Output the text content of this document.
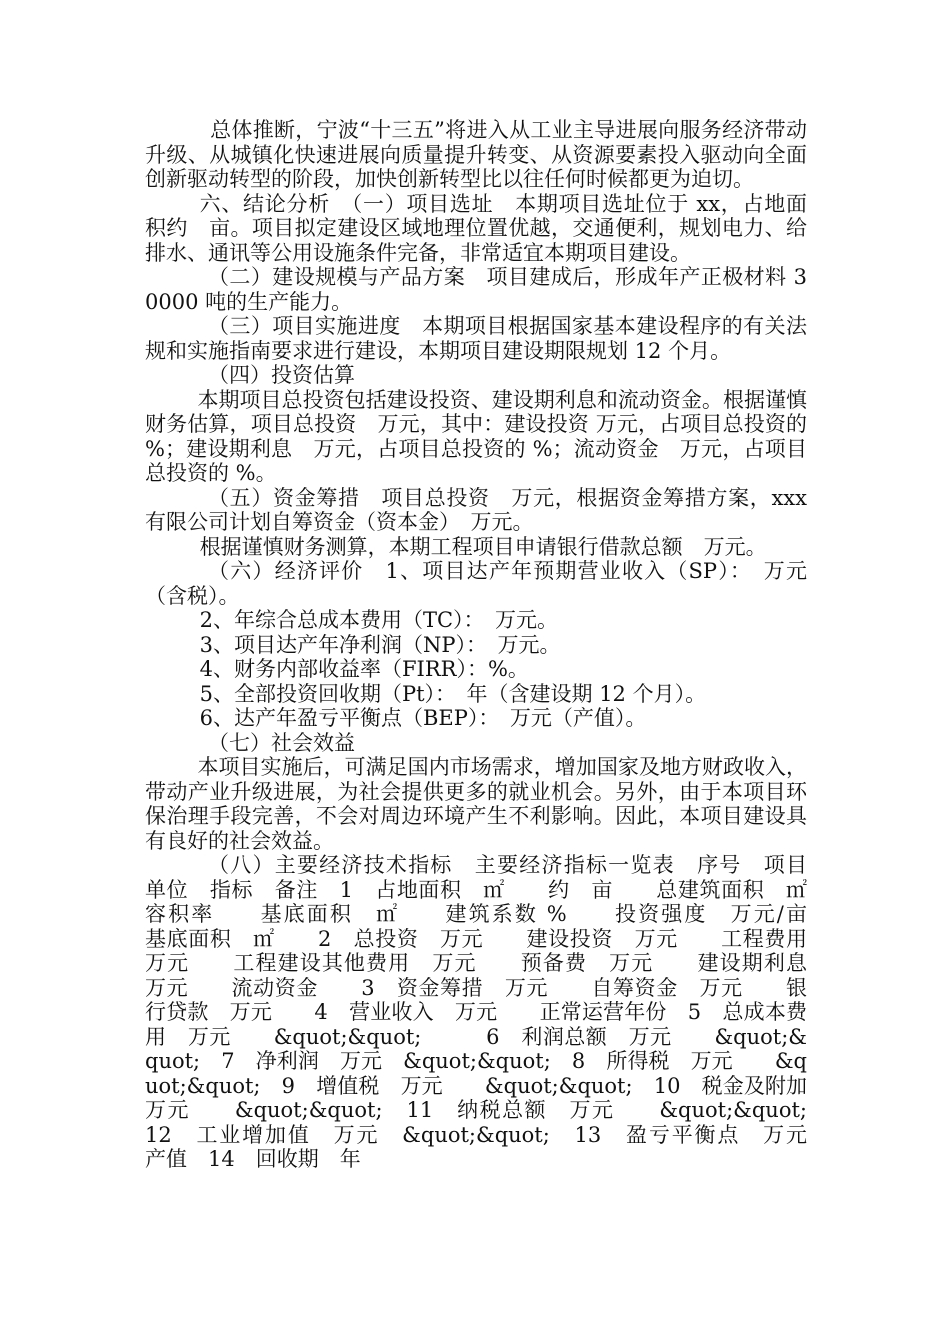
总体推断，宁波“十三五”将进入从工业主导进展向服务经济带动升级、从城镇化快速进展向质量提升转变、从资源要素投入驱动向全面创新驱动转型的阶段，加快创新转型比以往任何时候都更为迫切。

六、结论分析　（一）项目选址　本期项目选址位于 xx，占地面积约　亩。项目拟定建设区域地理位置优越，交通便利，规划电力、给排水、通讯等公用设施条件完备，非常适宜本期项目建设。

（二）建设规模与产品方案　项目建成后，形成年产正极材料 30000 吨的生产能力。

（三）项目实施进度　本期项目根据国家基本建设程序的有关法规和实施指南要求进行建设，本期项目建设期限规划 12 个月。

（四）投资估算

本期项目总投资包括建设投资、建设期利息和流动资金。根据谨慎财务估算，项目总投资　万元，其中：建设投资 万元，占项目总投资的 %；建设期利息　万元，占项目总投资的 %；流动资金　万元，占项目总投资的 %。

（五）资金筹措　项目总投资　万元，根据资金筹措方案，xxx 有限公司计划自筹资金（资本金）　万元。

根据谨慎财务测算，本期工程项目申请银行借款总额　万元。

（六）经济评价　1、项目达产年预期营业收入（SP）：　万元（含税）。

2、年综合总成本费用（TC）：　万元。

3、项目达产年净利润（NP）：　万元。

4、财务内部收益率（FIRR）：%。

5、全部投资回收期（Pt）：　年（含建设期 12 个月）。

6、达产年盈亏平衡点（BEP）：　万元（产值）。

（七）社会效益

本项目实施后，可满足国内市场需求，增加国家及地方财政收入，带动产业升级进展，为社会提供更多的就业机会。另外，由于本项目环保治理手段完善，不会对周边环境产生不利影响。因此，本项目建设具有良好的社会效益。

（八）主要经济技术指标　主要经济指标一览表　序号　项目　单位　指标　备注　1　占地面积　㎡　　约　亩　　总建筑面积　㎡　　容积率　　基底面积　㎡　　建筑系数 %　　投资强度　万元/亩　　基底面积　㎡　　2　总投资　万元　　建设投资　万元　　工程费用　万元　　工程建设其他费用　万元　　预备费　万元　　建设期利息　万元　　流动资金　　3　资金筹措　万元　　自筹资金　万元　　银行贷款　万元　　4　营业收入　万元　　正常运营年份　5　总成本费用　万元　　&quot;&quot;　　　6　利润总额　万元　　&quot;&quot;　7　净利润　万元　&quot;&quot;　8　所得税　万元　　&quot;&quot;　9　增值税　万元　　&quot;&quot;　10　税金及附加　万元　　&quot;&quot;　11　纳税总额　万元　　&quot;&quot;　12　工业增加值　万元　&quot;&quot;　13　盈亏平衡点　万元　　产值　14　回收期　年
